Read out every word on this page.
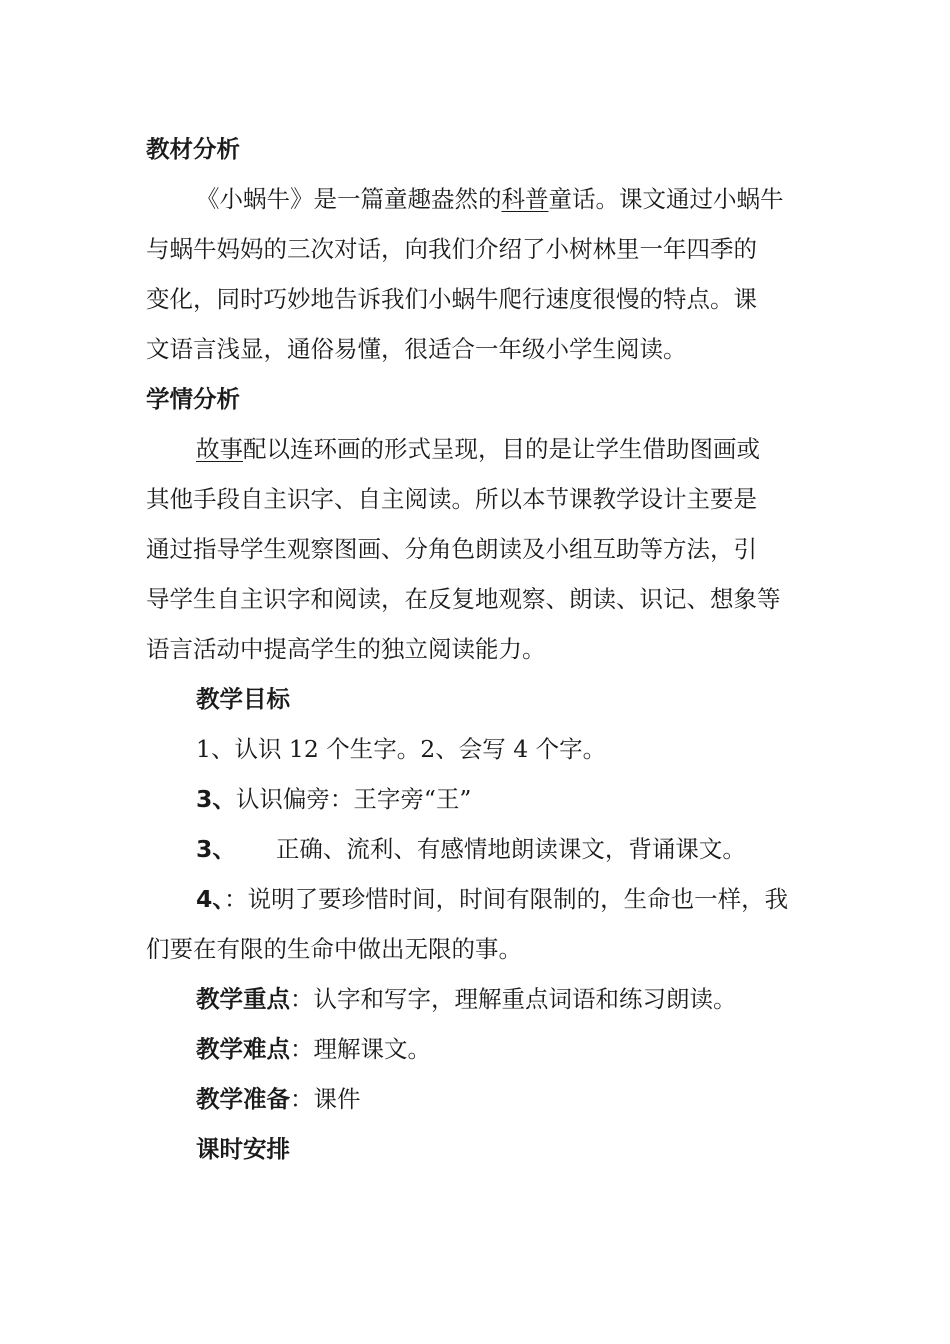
教材分析
《小蜗牛》是一篇童趣盎然的科普童话。课文通过小蜗牛
与蜗牛妈妈的三次对话，向我们介绍了小树林里一年四季的
变化，同时巧妙地告诉我们小蜗牛爬行速度很慢的特点。课
文语言浅显，通俗易懂，很适合一年级小学生阅读。
学情分析
故事配以连环画的形式呈现，目的是让学生借助图画或
其他手段自主识字、自主阅读。所以本节课教学设计主要是
通过指导学生观察图画、分角色朗读及小组互助等方法，引
导学生自主识字和阅读，在反复地观察、朗读、识记、想象等
语言活动中提高学生的独立阅读能力。
教学目标
1、认识 12 个生字。2、会写 4 个字。
3、认识偏旁：王字旁“王”
3、 正确、流利、有感情地朗读课文，背诵课文。
4、：说明了要珍惜时间，时间有限制的，生命也一样，我
们要在有限的生命中做出无限的事。
教学重点：认字和写字，理解重点词语和练习朗读。
教学难点：理解课文。
教学准备：课件
课时安排
